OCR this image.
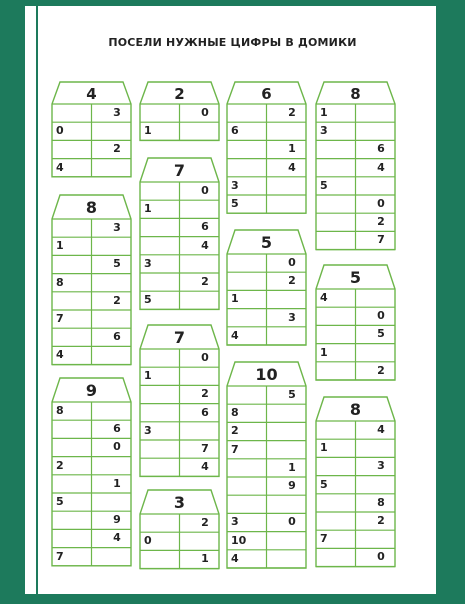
ПОСЕЛИ НУЖНЫЕ ЦИФРЫ В ДОМИКИ
4
3
0
2
4
2
0
1
6
2
6
1
4
3
5
8
1
3
6
4
5
0
2
7
7
0
1
6
4
3
2
5
8
3
1
5
8
2
7
6
4
5
0
2
1
3
4
5
4
0
5
1
2
7
0
1
2
6
3
7
4
10
5
8
2
7
1
9
3	0
10
4
9
8
6
0
2
1
5
9
4
7
8
4
1
3
5
8
2
7
0
3
2
0
1
